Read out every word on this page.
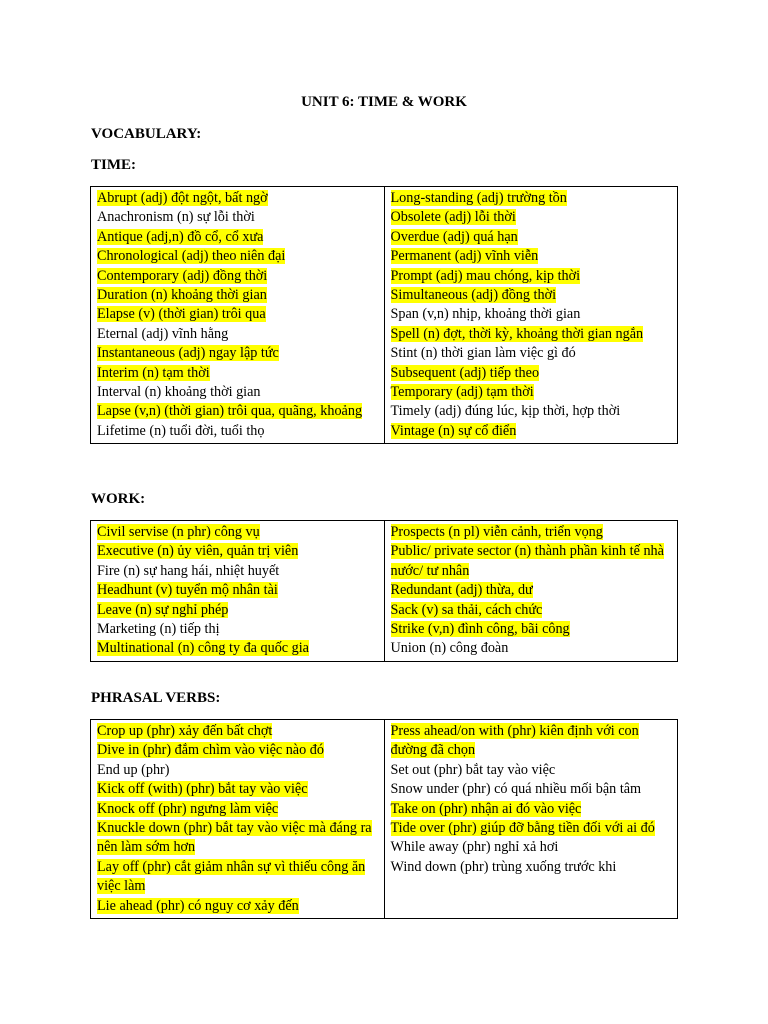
UNIT 6: TIME & WORK
VOCABULARY:
TIME:
Abrupt (adj) đột ngột, bất ngờ
Anachronism (n) sự lỗi thời
Antique (adj,n) đồ cổ, cổ xưa
Chronological (adj) theo niên đại
Contemporary (adj) đồng thời
Duration (n) khoảng thời gian
Elapse (v) (thời gian) trôi qua
Eternal (adj) vĩnh hằng
Instantaneous (adj) ngay lập tức
Interim (n) tạm thời
Interval (n) khoảng thời gian
Lapse (v,n) (thời gian) trôi qua, quãng, khoảng
Lifetime (n) tuổi đời, tuổi thọ

Long-standing (adj) trường tồn
Obsolete (adj) lỗi thời
Overdue (adj) quá hạn
Permanent (adj) vĩnh viễn
Prompt (adj) mau chóng, kịp thời
Simultaneous (adj) đồng thời
Span (v,n) nhịp, khoảng thời gian
Spell (n) đợt, thời kỳ, khoảng thời gian ngắn
Stint (n) thời gian làm việc gì đó
Subsequent (adj) tiếp theo
Temporary (adj) tạm thời
Timely (adj) đúng lúc, kịp thời, hợp thời
Vintage (n) sự cổ điển
WORK:
Civil servise (n phr) công vụ
Executive (n) ủy viên, quản trị viên
Fire (n) sự hang hái, nhiệt huyết
Headhunt (v) tuyển mộ nhân tài
Leave (n) sự nghỉ phép
Marketing (n) tiếp thị
Multinational (n) công ty đa quốc gia

Prospects (n pl) viễn cảnh, triển vọng
Public/ private sector (n) thành phần kinh tế nhà nước/ tư nhân
Redundant (adj) thừa, dư
Sack (v) sa thải, cách chức
Strike (v,n) đình công, bãi công
Union (n) công đoàn
PHRASAL VERBS:
Crop up (phr) xảy đến bất chợt
Dive in (phr) đắm chìm vào việc nào đó
End up (phr)
Kick off (with) (phr) bắt tay vào việc
Knock off (phr) ngưng làm việc
Knuckle down (phr) bắt tay vào việc mà đáng ra nên làm sớm hơn
Lay off (phr) cắt giảm nhân sự vì thiếu công ăn việc làm
Lie ahead (phr) có nguy cơ xảy đến

Press ahead/on with (phr) kiên định với con đường đã chọn
Set out (phr) bắt tay vào việc
Snow under (phr) có quá nhiều mối bận tâm
Take on (phr) nhận ai đó vào việc
Tide over (phr) giúp đỡ bằng tiền đối với ai đó
While away (phr) nghỉ xả hơi
Wind down (phr) trùng xuống trước khi
